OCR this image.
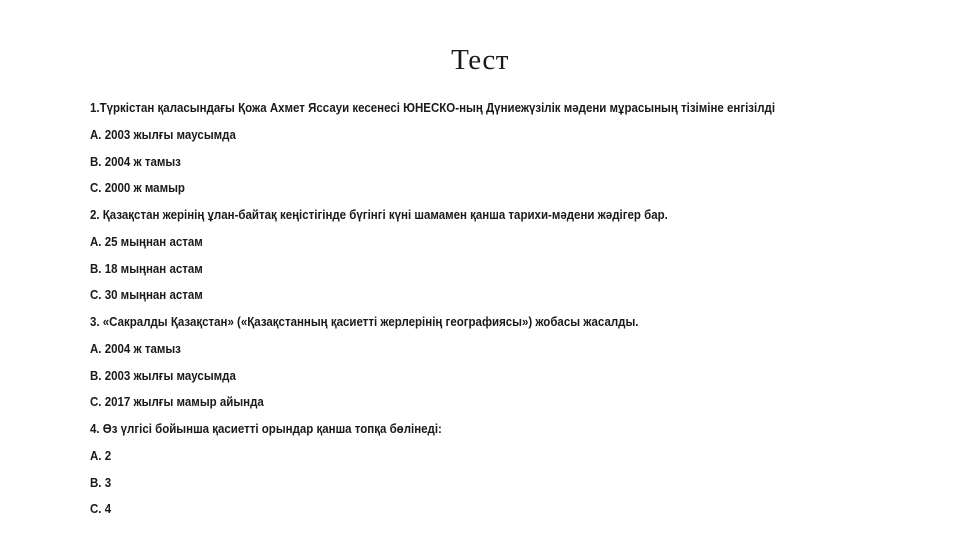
Тест
1.Түркістан қаласындағы Қожа Ахмет Яссауи кесенесі ЮНЕСКО-ның Дүниежүзілік мәдени мұрасының тізіміне енгізілді
A. 2003 жылғы маусымда
B. 2004 ж тамыз
C. 2000 ж мамыр
2. Қазақстан жерінің ұлан-байтақ кеңістігінде бүгінгі күні шамамен қанша тарихи-мәдени жәдігер бар.
A. 25 мыңнан астам
B. 18 мыңнан астам
C. 30 мыңнан астам
3. «Сакралды Қазақстан» («Қазақстанның қасиетті жерлерінің географиясы») жобасы жасалды.
A. 2004 ж тамыз
B. 2003 жылғы маусымда
C. 2017 жылғы мамыр айында
4. Өз үлгісі бойынша қасиетті орындар қанша топқа бөлінеді:
A. 2
B. 3
C. 4
